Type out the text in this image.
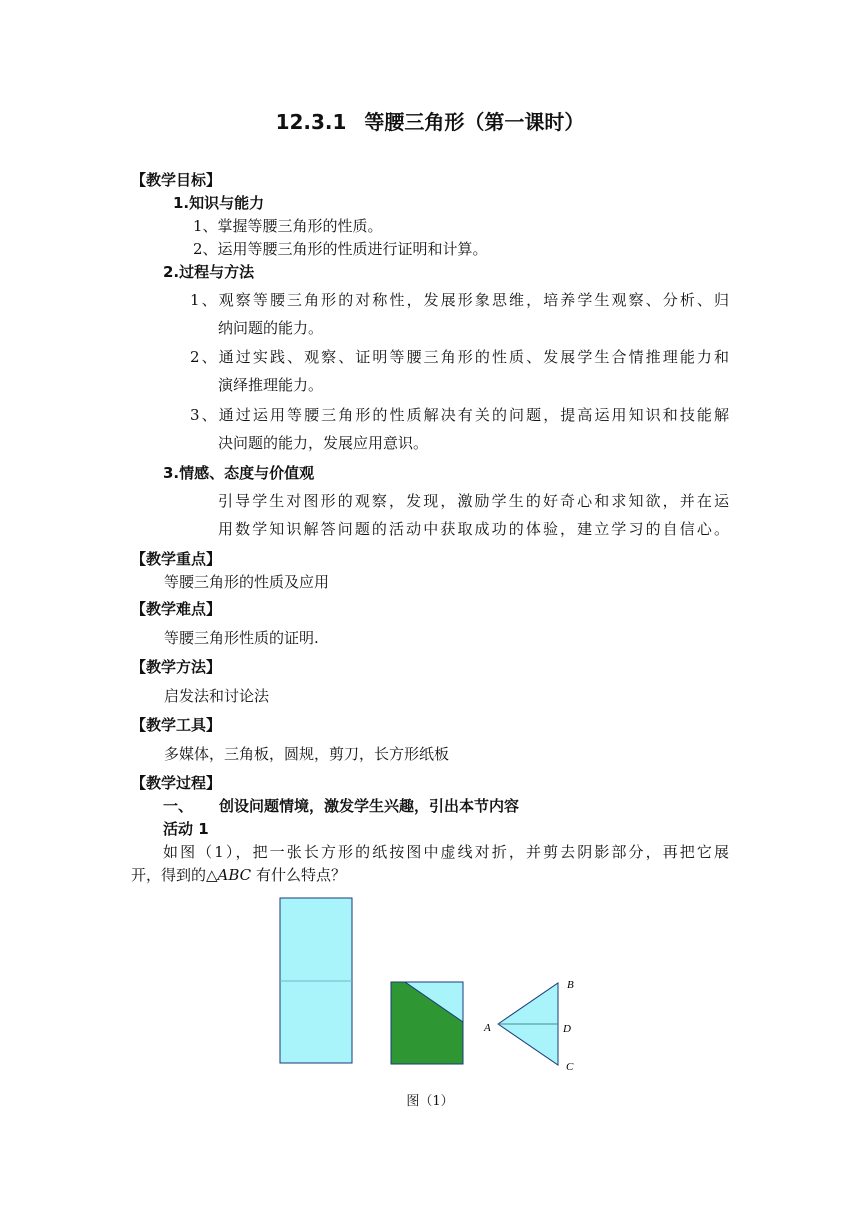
12.3.1 等腰三角形（第一课时）
【教学目标】
1.知识与能力
1、掌握等腰三角形的性质。
2、运用等腰三角形的性质进行证明和计算。
2.过程与方法
1、观察等腰三角形的对称性，发展形象思维，培养学生观察、分析、归
纳问题的能力。
2、通过实践、观察、证明等腰三角形的性质、发展学生合情推理能力和
演绎推理能力。
3、通过运用等腰三角形的性质解决有关的问题，提高运用知识和技能解
决问题的能力，发展应用意识。
3.情感、态度与价值观
引导学生对图形的观察，发现，激励学生的好奇心和求知欲，并在运
用数学知识解答问题的活动中获取成功的体验，建立学习的自信心。
【教学重点】
等腰三角形的性质及应用
【教学难点】
等腰三角形性质的证明.
【教学方法】
启发法和讨论法
【教学工具】
多媒体，三角板，圆规，剪刀，长方形纸板
【教学过程】
一、 创设问题情境，激发学生兴趣，引出本节内容
活动 1
如图（1），把一张长方形的纸按图中虚线对折，并剪去阴影部分，再把它展
开，得到的△ABC 有什么特点？
A
B
D
C
图（1）
